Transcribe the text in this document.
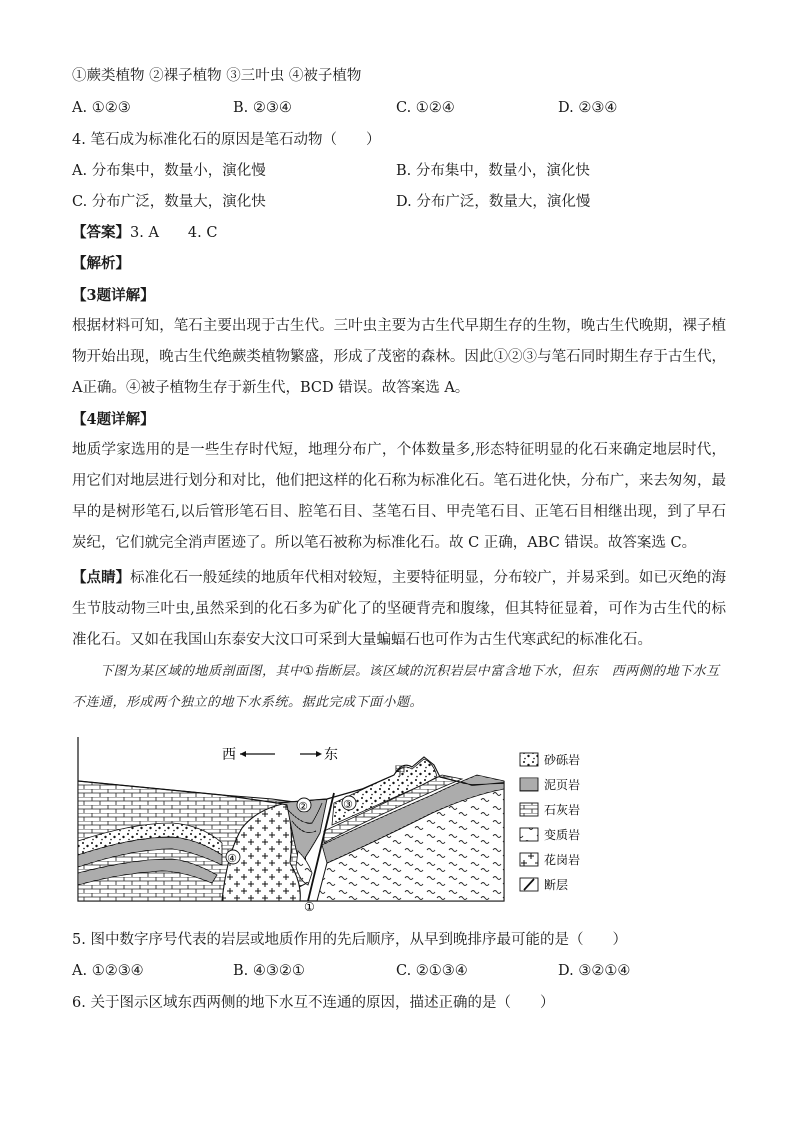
①蕨类植物 ②裸子植物 ③三叶虫 ④被子植物
A. ①②③	B. ②③④	C. ①②④	D. ②③④
4. 笔石成为标准化石的原因是笔石动物（　　）
A. 分布集中，数量小，演化慢	B. 分布集中，数量小，演化快
C. 分布广泛，数量大，演化快	D. 分布广泛，数量大，演化慢
【答案】3. A　　4. C
【解析】
【3题详解】
根据材料可知，笔石主要出现于古生代。三叶虫主要为古生代早期生存的生物，晚古生代晚期，裸子植物开始出现，晚古生代绝蕨类植物繁盛，形成了茂密的森林。因此①②③与笔石同时期生存于古生代，A正确。④被子植物生存于新生代，BCD 错误。故答案选 A。
【4题详解】
地质学家选用的是一些生存时代短，地理分布广，个体数量多,形态特征明显的化石来确定地层时代，用它们对地层进行划分和对比，他们把这样的化石称为标准化石。笔石进化快，分布广，来去匆匆，最早的是树形笔石,以后管形笔石目、腔笔石目、茎笔石目、甲壳笔石目、正笔石目相继出现，到了早石炭纪，它们就完全消声匿迹了。所以笔石被称为标准化石。故 C 正确，ABC 错误。故答案选 C。
【点睛】标准化石一般延续的地质年代相对较短，主要特征明显，分布较广，并易采到。如已灭绝的海生节肢动物三叶虫,虽然采到的化石多为矿化了的坚硬背壳和腹缘，但其特征显着，可作为古生代的标准化石。又如在我国山东泰安大汶口可采到大量蝙蝠石也可作为古生代寒武纪的标准化石。
下图为某区域的地质剖面图，其中①指断层。该区域的沉积岩层中富含地下水，但东　西两侧的地下水互不连通，形成两个独立的地下水系统。据此完成下面小题。
西	东
甲
②	③
④
①
砂砾岩
泥页岩
石灰岩
变质岩
花岗岩
断层
5. 图中数字序号代表的岩层或地质作用的先后顺序，从早到晚排序最可能的是（　　）
A. ①②③④	B. ④③②①	C. ②①③④	D. ③②①④
6. 关于图示区域东西两侧的地下水互不连通的原因，描述正确的是（　　）
